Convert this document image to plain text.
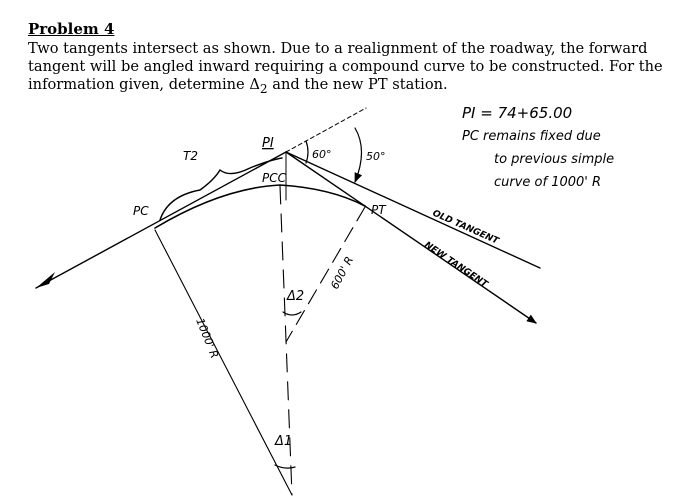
Problem 4
Two tangents intersect as shown. Due to a realignment of the roadway, the forward tangent will be angled inward requiring a compound curve to be constructed. For the information given, determine $\Delta_2$ and the new PT station.
PI = 74+65.00
PC remains fixed due
to previous simple
curve of 1000' R
PI
PC
PCC
PT
T2	60°	50°
Δ1
Δ2
1000' R
600' R
OLD TANGENT
NEW TANGENT
